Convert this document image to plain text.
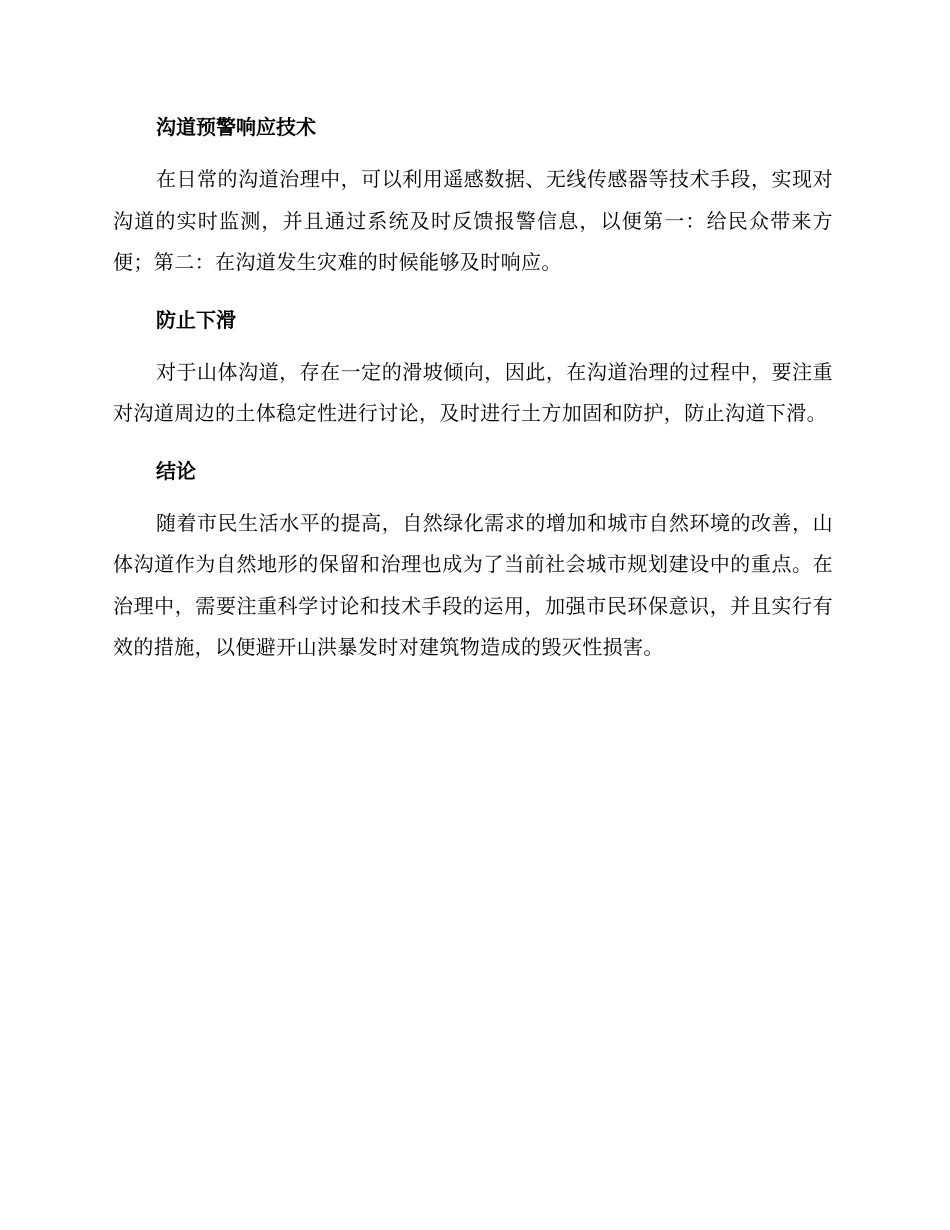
沟道预警响应技术

在日常的沟道治理中，可以利用遥感数据、无线传感器等技术手段，实现对沟道的实时监测，并且通过系统及时反馈报警信息，以便第一：给民众带来方便；第二：在沟道发生灾难的时候能够及时响应。

防止下滑

对于山体沟道，存在一定的滑坡倾向，因此，在沟道治理的过程中，要注重对沟道周边的土体稳定性进行讨论，及时进行土方加固和防护，防止沟道下滑。

结论

随着市民生活水平的提高，自然绿化需求的增加和城市自然环境的改善，山体沟道作为自然地形的保留和治理也成为了当前社会城市规划建设中的重点。在治理中，需要注重科学讨论和技术手段的运用，加强市民环保意识，并且实行有效的措施，以便避开山洪暴发时对建筑物造成的毁灭性损害。
